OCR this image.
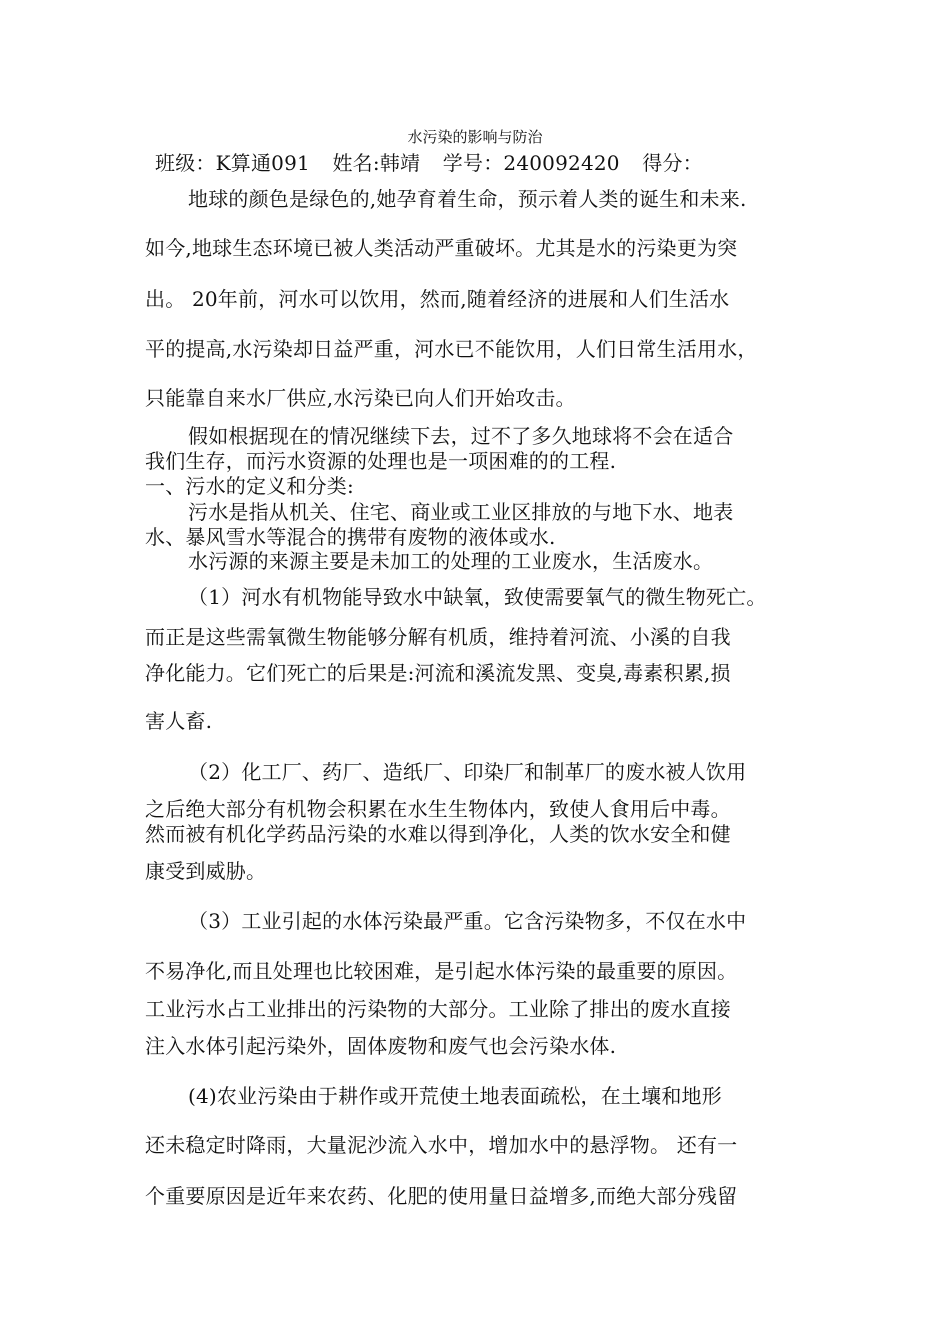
水污染的影响与防治
班级：K算通091 姓名:韩靖 学号：240092420 得分：
地球的颜色是绿色的,她孕育着生命，预示着人类的诞生和未来.
如今,地球生态环境已被人类活动严重破坏。尤其是水的污染更为突
出。 20年前，河水可以饮用，然而,随着经济的进展和人们生活水
平的提高,水污染却日益严重，河水已不能饮用，人们日常生活用水，
只能靠自来水厂供应,水污染已向人们开始攻击。
假如根据现在的情况继续下去，过不了多久地球将不会在适合
我们生存，而污水资源的处理也是一项困难的的工程.
一、污水的定义和分类:
污水是指从机关、住宅、商业或工业区排放的与地下水、地表
水、暴风雪水等混合的携带有废物的液体或水.
水污源的来源主要是未加工的处理的工业废水，生活废水。
（1）河水有机物能导致水中缺氧，致使需要氧气的微生物死亡。
而正是这些需氧微生物能够分解有机质，维持着河流、小溪的自我
净化能力。它们死亡的后果是:河流和溪流发黑、变臭,毒素积累,损
害人畜.
（2）化工厂、药厂、造纸厂、印染厂和制革厂的废水被人饮用
之后绝大部分有机物会积累在水生生物体内，致使人食用后中毒。
然而被有机化学药品污染的水难以得到净化，人类的饮水安全和健
康受到威胁。
（3）工业引起的水体污染最严重。它含污染物多，不仅在水中
不易净化,而且处理也比较困难，是引起水体污染的最重要的原因。
工业污水占工业排出的污染物的大部分。工业除了排出的废水直接
注入水体引起污染外，固体废物和废气也会污染水体.
(4)农业污染由于耕作或开荒使土地表面疏松，在土壤和地形
还未稳定时降雨，大量泥沙流入水中，增加水中的悬浮物。 还有一
个重要原因是近年来农药、化肥的使用量日益增多,而绝大部分残留
